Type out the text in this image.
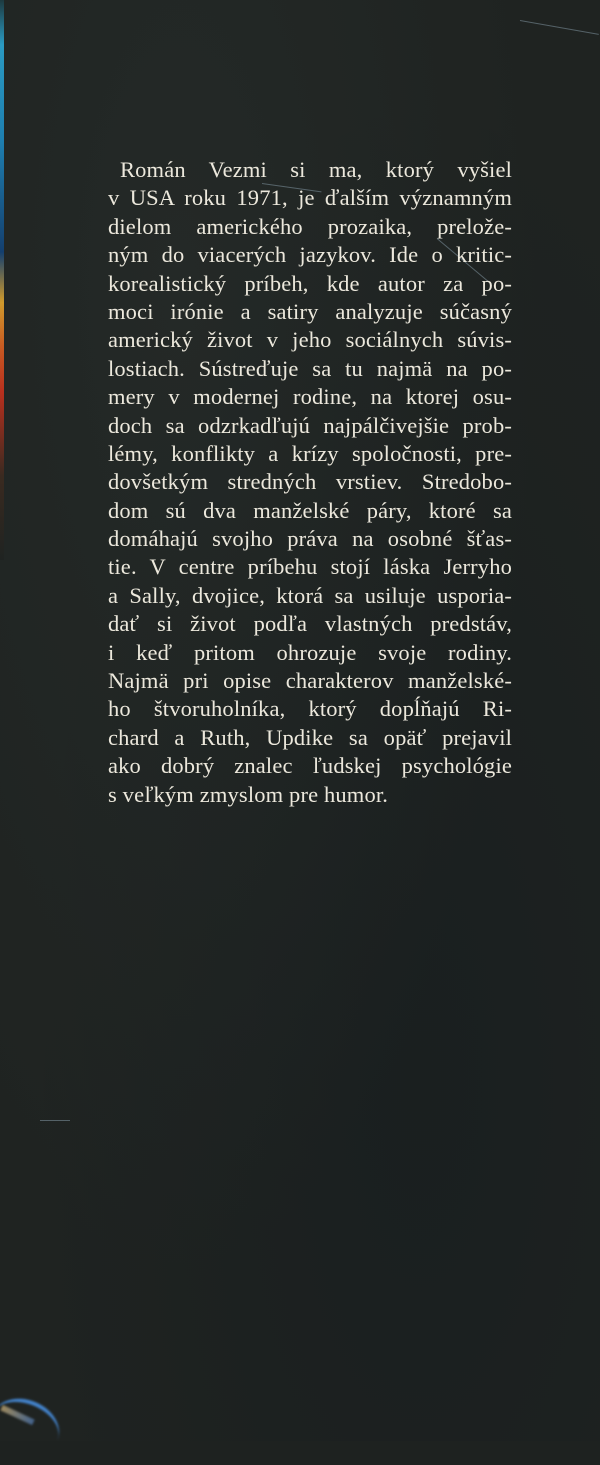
Román Vezmi si ma, ktorý vyšiel
v USA roku 1971, je ďalším významným
dielom amerického prozaika, prelože-
ným do viacerých jazykov. Ide o kritic-
korealistický príbeh, kde autor za po-
moci irónie a satiry analyzuje súčasný
americký život v jeho sociálnych súvis-
lostiach. Sústreďuje sa tu najmä na po-
mery v modernej rodine, na ktorej osu-
doch sa odzrkadľujú najpálčivejšie prob-
lémy, konflikty a krízy spoločnosti, pre-
dovšetkým stredných vrstiev. Stredobo-
dom sú dva manželské páry, ktoré sa
domáhajú svojho práva na osobné šťas-
tie. V centre príbehu stojí láska Jerryho
a Sally, dvojice, ktorá sa usiluje usporia-
dať si život podľa vlastných predstáv,
i keď pritom ohrozuje svoje rodiny.
Najmä pri opise charakterov manželské-
ho štvoruholníka, ktorý dopĺňajú Ri-
chard a Ruth, Updike sa opäť prejavil
ako dobrý znalec ľudskej psychológie
s veľkým zmyslom pre humor.
